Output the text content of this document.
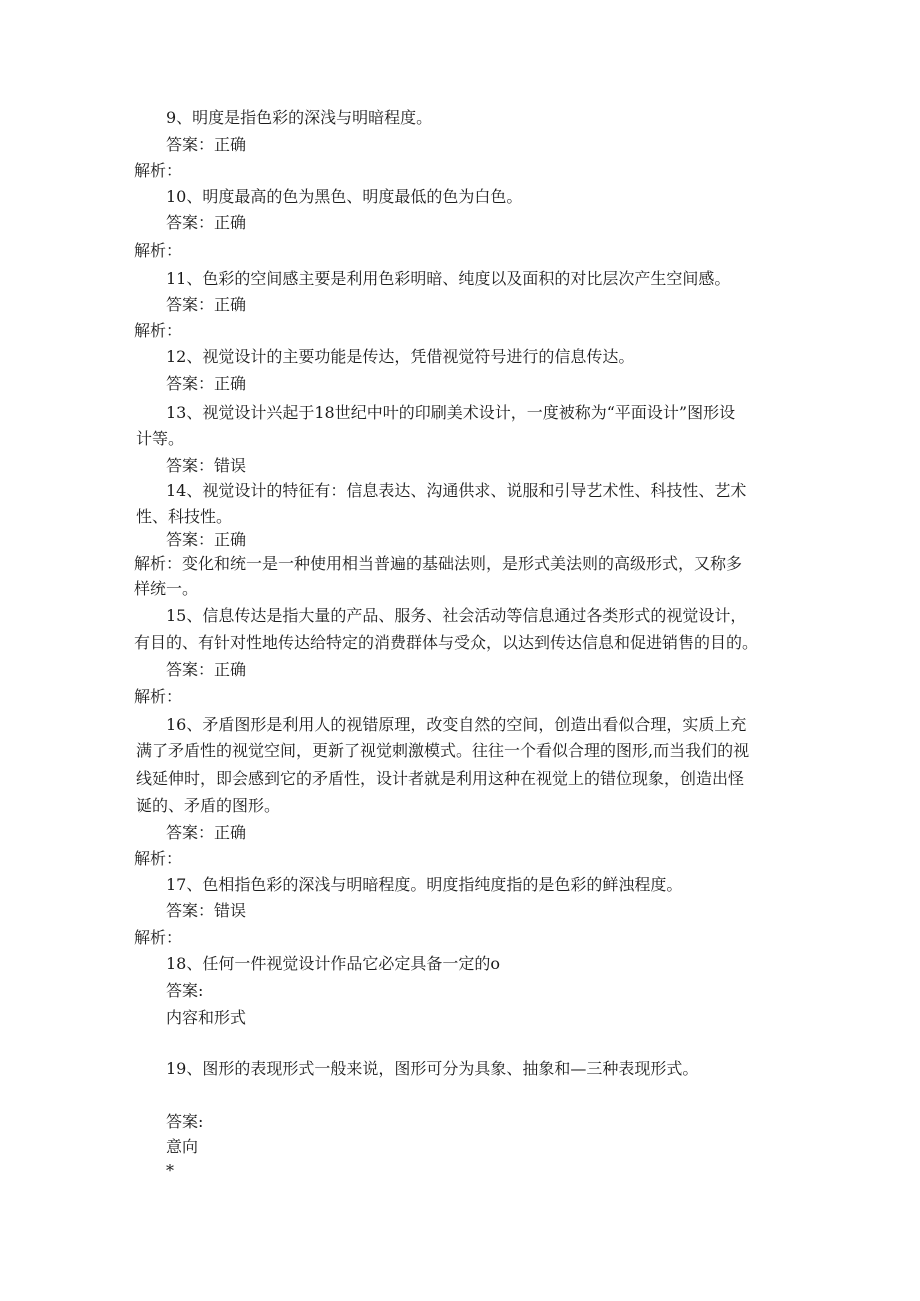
9、明度是指色彩的深浅与明暗程度。
答案：正确
解析：
10、明度最高的色为黑色、明度最低的色为白色。
答案：正确
解析：
11、色彩的空间感主要是利用色彩明暗、纯度以及面积的对比层次产生空间感。
答案：正确
解析：
12、视觉设计的主要功能是传达，凭借视觉符号进行的信息传达。
答案：正确
13、视觉设计兴起于18世纪中叶的印刷美术设计，一度被称为“平面设计”图形设
计等。
答案：错误
14、视觉设计的特征有：信息表达、沟通供求、说服和引导艺术性、科技性、艺术
性、科技性。
答案：正确
解析：变化和统一是一种使用相当普遍的基础法则，是形式美法则的高级形式，又称多
样统一。
15、信息传达是指大量的产品、服务、社会活动等信息通过各类形式的视觉设计，
有目的、有针对性地传达给特定的消费群体与受众，以达到传达信息和促进销售的目的。
答案：正确
解析：
16、矛盾图形是利用人的视错原理，改变自然的空间，创造出看似合理，实质上充
满了矛盾性的视觉空间，更新了视觉刺激模式。往往一个看似合理的图形,而当我们的视
线延伸时，即会感到它的矛盾性，设计者就是利用这种在视觉上的错位现象，创造出怪
诞的、矛盾的图形。
答案：正确
解析：
17、色相指色彩的深浅与明暗程度。明度指纯度指的是色彩的鲜浊程度。
答案：错误
解析：
18、任何一件视觉设计作品它必定具备一定的o
答案:
内容和形式
19、图形的表现形式一般来说，图形可分为具象、抽象和—三种表现形式。
答案:
意向
*
